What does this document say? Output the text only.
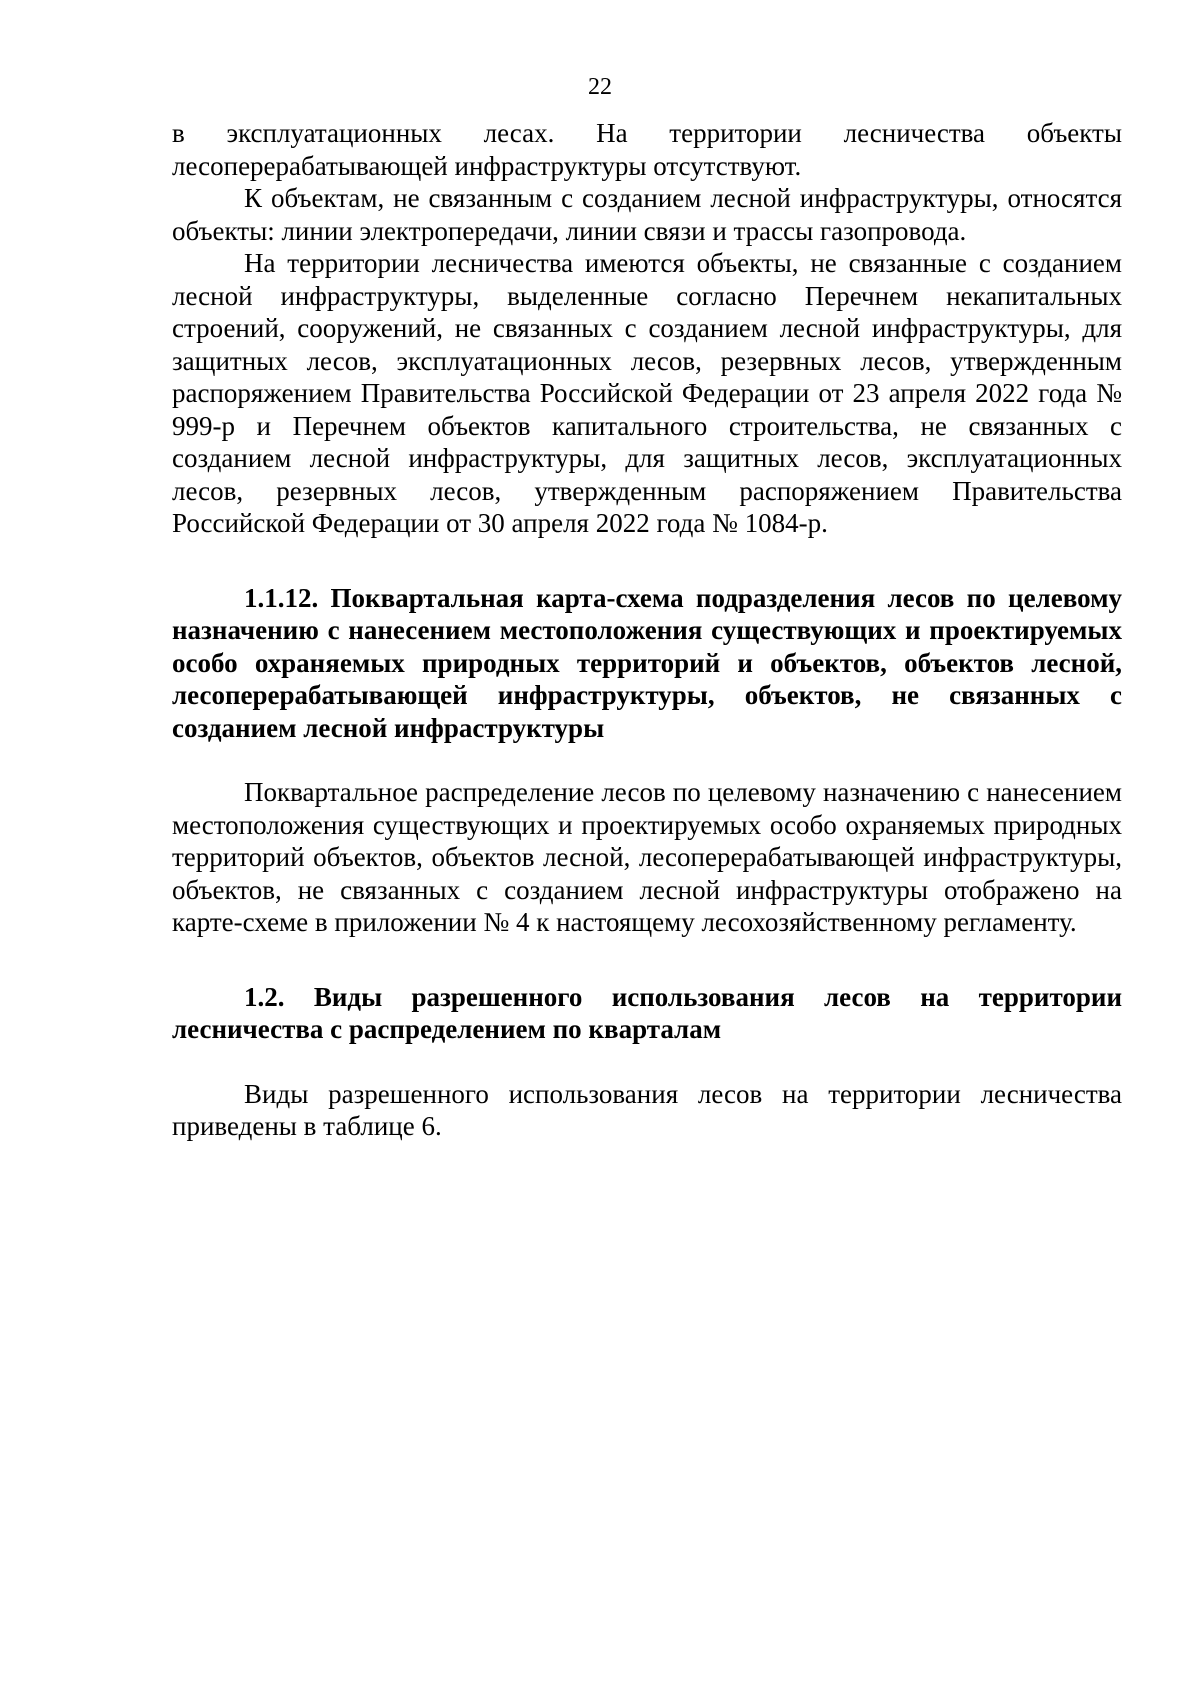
22

в эксплуатационных лесах. На территории лесничества объекты лесоперерабатывающей инфраструктуры отсутствуют.

К объектам, не связанным с созданием лесной инфраструктуры, относятся объекты: линии электропередачи, линии связи и трассы газопровода.

На территории лесничества имеются объекты, не связанные с созданием лесной инфраструктуры, выделенные согласно Перечнем некапитальных строений, сооружений, не связанных с созданием лесной инфраструктуры, для защитных лесов, эксплуатационных лесов, резервных лесов, утвержденным распоряжением Правительства Российской Федерации от 23 апреля 2022 года № 999-р и Перечнем объектов капитального строительства, не связанных с созданием лесной инфраструктуры, для защитных лесов, эксплуатационных лесов, резервных лесов, утвержденным распоряжением Правительства Российской Федерации от 30 апреля 2022 года № 1084-р.

1.1.12. Поквартальная карта-схема подразделения лесов по целевому назначению с нанесением местоположения существующих и проектируемых особо охраняемых природных территорий и объектов, объектов лесной, лесоперерабатывающей инфраструктуры, объектов, не связанных с созданием лесной инфраструктуры

Поквартальное распределение лесов по целевому назначению с нанесением местоположения существующих и проектируемых особо охраняемых природных территорий объектов, объектов лесной, лесоперерабатывающей инфраструктуры, объектов, не связанных с созданием лесной инфраструктуры отображено на карте-схеме в приложении № 4 к настоящему лесохозяйственному регламенту.

1.2. Виды разрешенного использования лесов на территории лесничества с распределением по кварталам

Виды разрешенного использования лесов на территории лесничества приведены в таблице 6.
